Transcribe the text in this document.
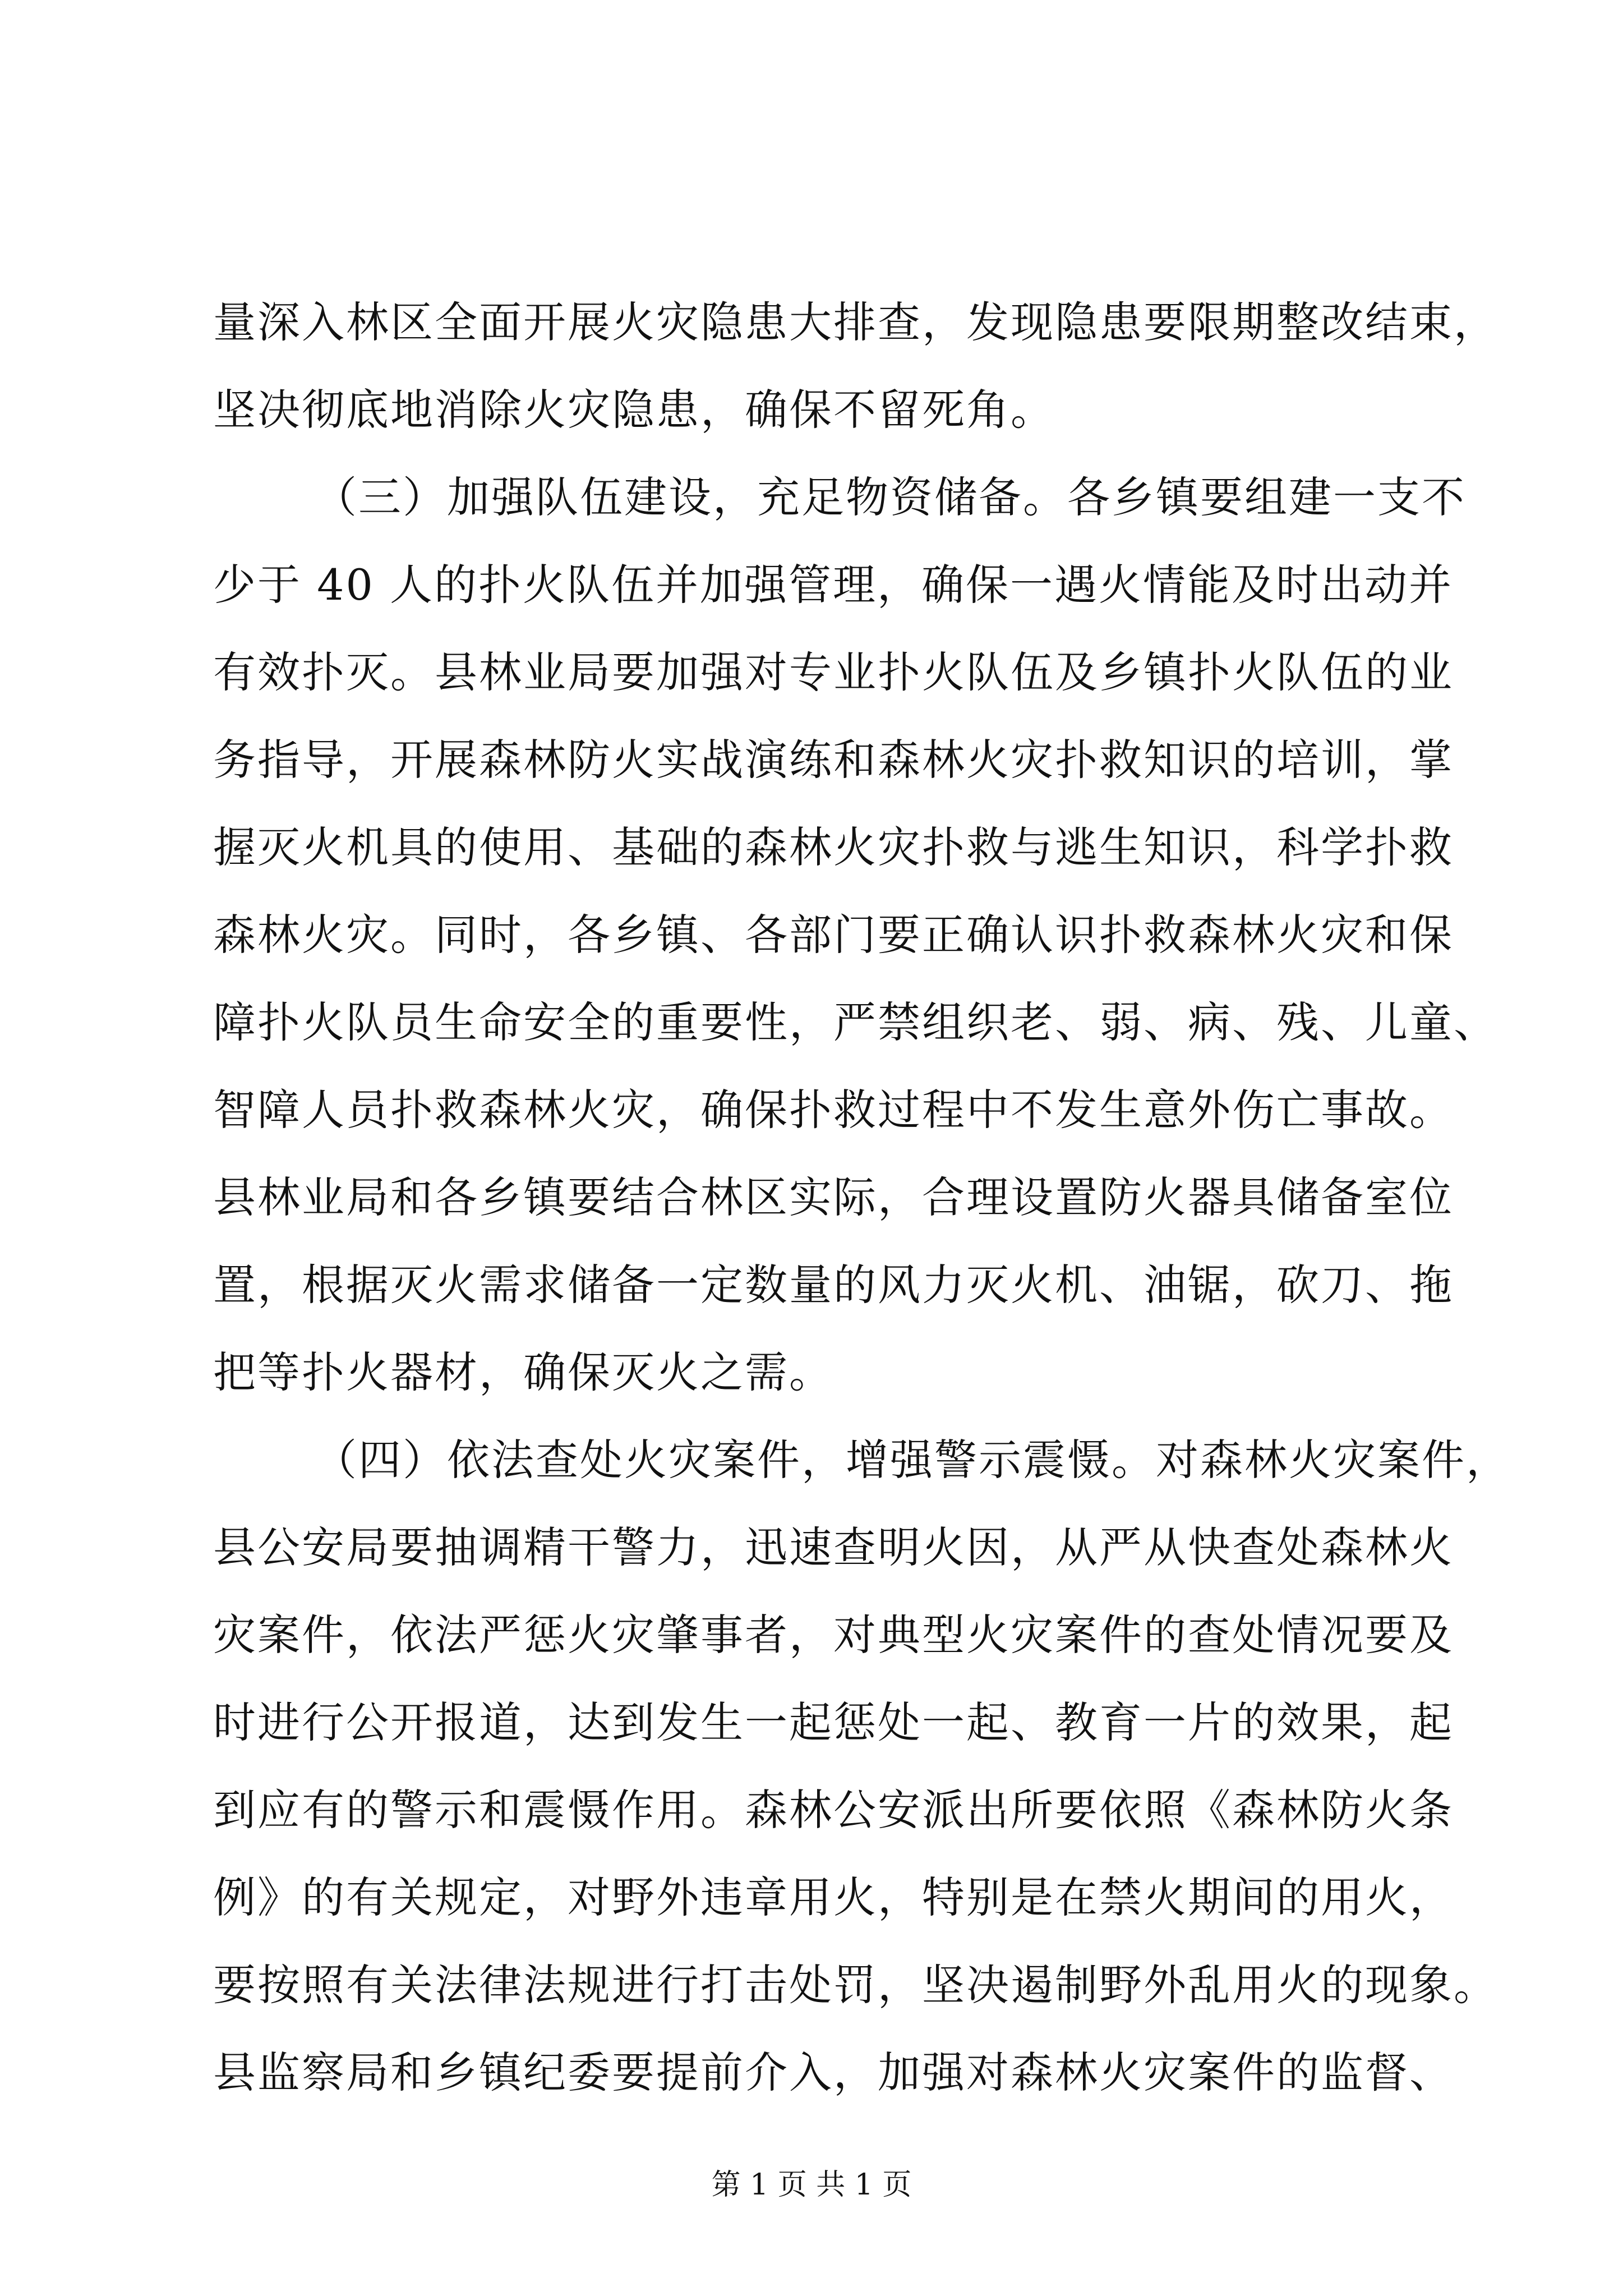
量深入林区全面开展火灾隐患大排查，发现隐患要限期整改结束，
坚决彻底地消除火灾隐患，确保不留死角。
（三）加强队伍建设，充足物资储备。各乡镇要组建一支不
少于 40 人的扑火队伍并加强管理，确保一遇火情能及时出动并
有效扑灭。县林业局要加强对专业扑火队伍及乡镇扑火队伍的业
务指导，开展森林防火实战演练和森林火灾扑救知识的培训，掌
握灭火机具的使用、基础的森林火灾扑救与逃生知识，科学扑救
森林火灾。同时，各乡镇、各部门要正确认识扑救森林火灾和保
障扑火队员生命安全的重要性，严禁组织老、弱、病、残、儿童、
智障人员扑救森林火灾，确保扑救过程中不发生意外伤亡事故。
县林业局和各乡镇要结合林区实际，合理设置防火器具储备室位
置，根据灭火需求储备一定数量的风力灭火机、油锯，砍刀、拖
把等扑火器材，确保灭火之需。
（四）依法查处火灾案件，增强警示震慑。对森林火灾案件，
县公安局要抽调精干警力，迅速查明火因，从严从快查处森林火
灾案件，依法严惩火灾肇事者，对典型火灾案件的查处情况要及
时进行公开报道，达到发生一起惩处一起、教育一片的效果，起
到应有的警示和震慑作用。森林公安派出所要依照《森林防火条
例》的有关规定，对野外违章用火，特别是在禁火期间的用火，
要按照有关法律法规进行打击处罚，坚决遏制野外乱用火的现象。
县监察局和乡镇纪委要提前介入，加强对森林火灾案件的监督、
第 1 页 共 1 页
